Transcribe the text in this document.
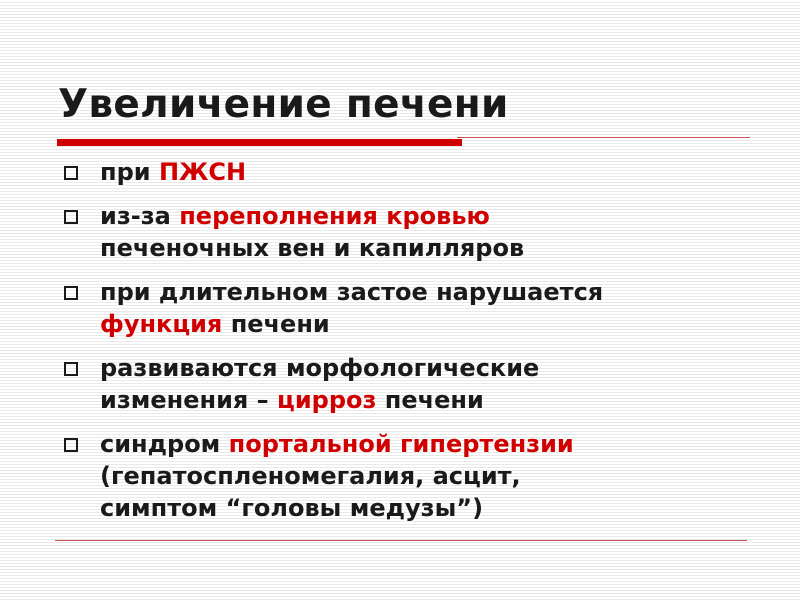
Увеличение печени
при ПЖСН
из-за переполнения кровью
печеночных вен и капилляров
при длительном застое нарушается
функция печени
развиваются морфологические
изменения – цирроз печени
синдром портальной гипертензии
(гепатоспленомегалия, асцит,
симптом “головы медузы”)
